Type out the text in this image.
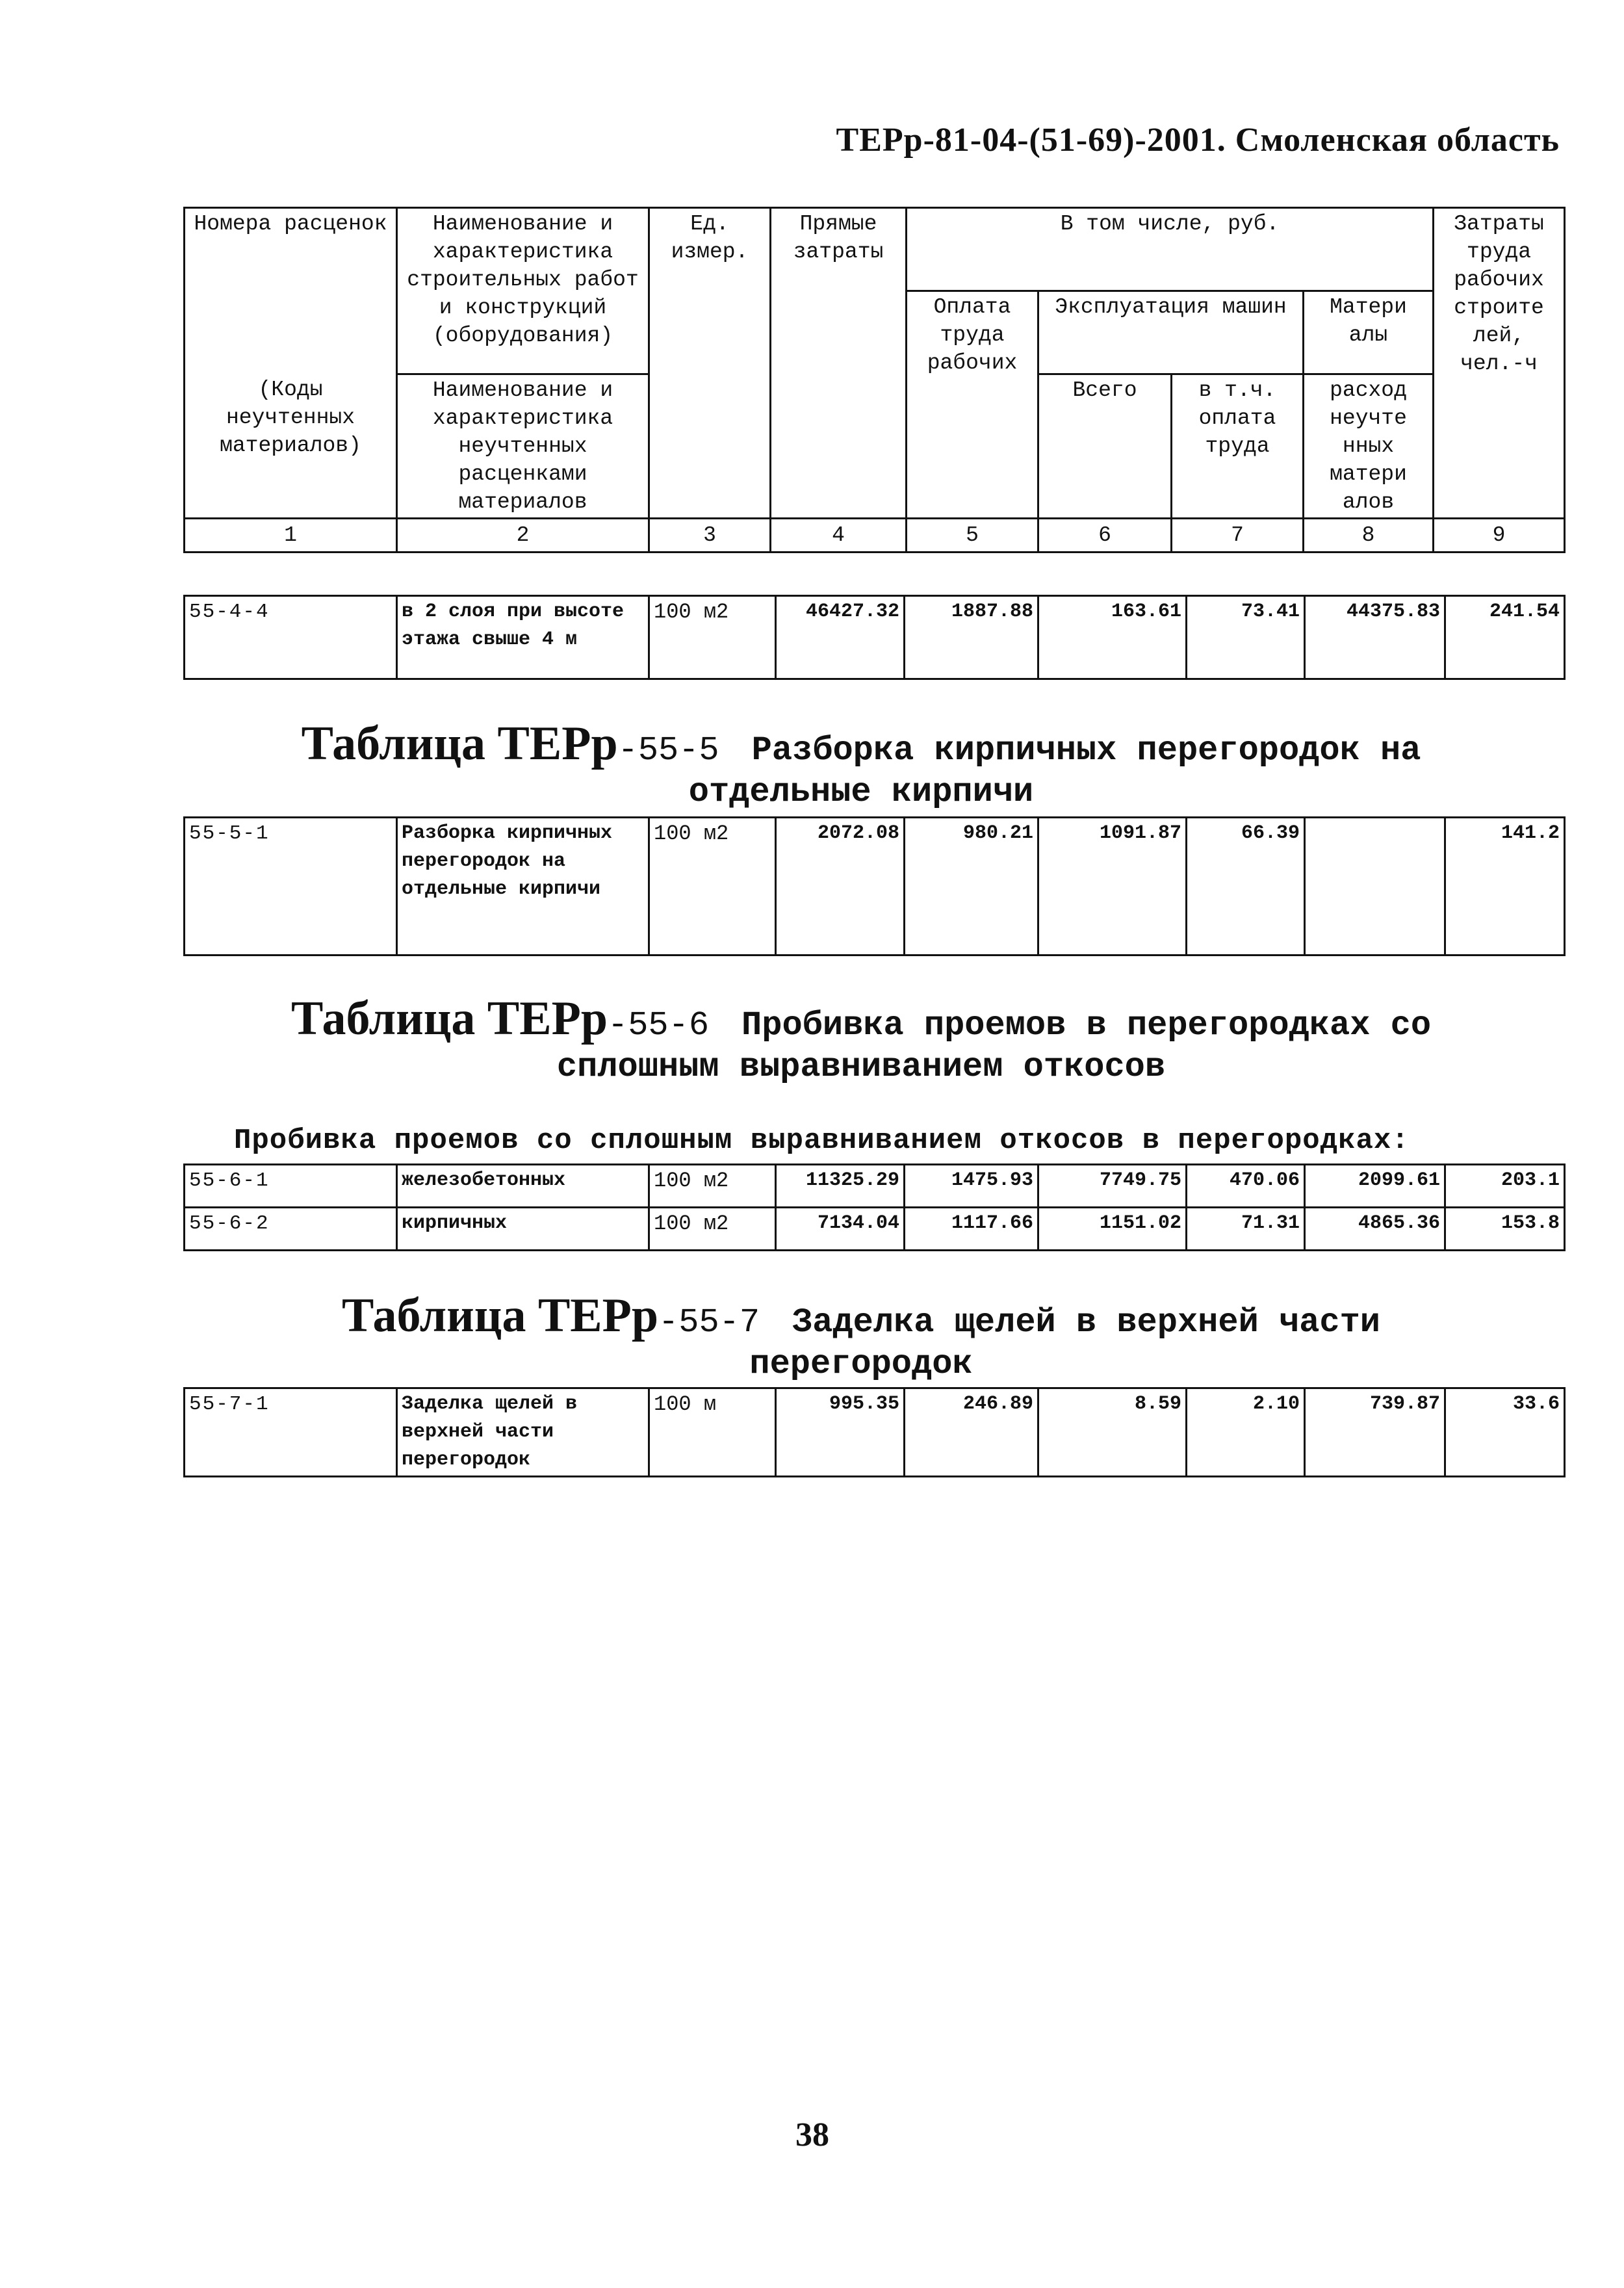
ТЕРр-81-04-(51-69)-2001. Смоленская область
Номера расценок	Наименование и характеристика строительных работ и конструкций (оборудования)	Ед. измер.	Прямые затраты	В том числе, руб.				Затраты труда рабочих строите лей, чел.-ч
				Оплата труда рабочих	Эксплуатация машин		Матери алы	
(Коды неучтенных материалов)	Наименование и характеристика неучтенных расценками материалов				Всего	в т.ч. оплата труда	расход неучте нных матери алов	

1	2	3	4	5	6	7	8	9
55-4-4	в 2 слоя при высоте этажа свыше 4 м	100 м2	46427.32	1887.88	163.61	73.41	44375.83	241.54
Таблица ТЕРр-55-5 Разборка кирпичных перегородок на
отдельные кирпичи
55-5-1	Разборка кирпичных перегородок на отдельные кирпичи	100 м2	2072.08	980.21	1091.87	66.39		141.2
Таблица ТЕРр-55-6 Пробивка проемов в перегородках со
сплошным выравниванием откосов
Пробивка проемов со сплошным выравниванием откосов в перегородках:
55-6-1	железобетонных	100 м2	11325.29	1475.93	7749.75	470.06	2099.61	203.1
55-6-2	кирпичных	100 м2	7134.04	1117.66	1151.02	71.31	4865.36	153.8
Таблица ТЕРр-55-7 Заделка щелей в верхней части
перегородок
55-7-1	Заделка щелей в верхней части перегородок	100 м	995.35	246.89	8.59	2.10	739.87	33.6
38
